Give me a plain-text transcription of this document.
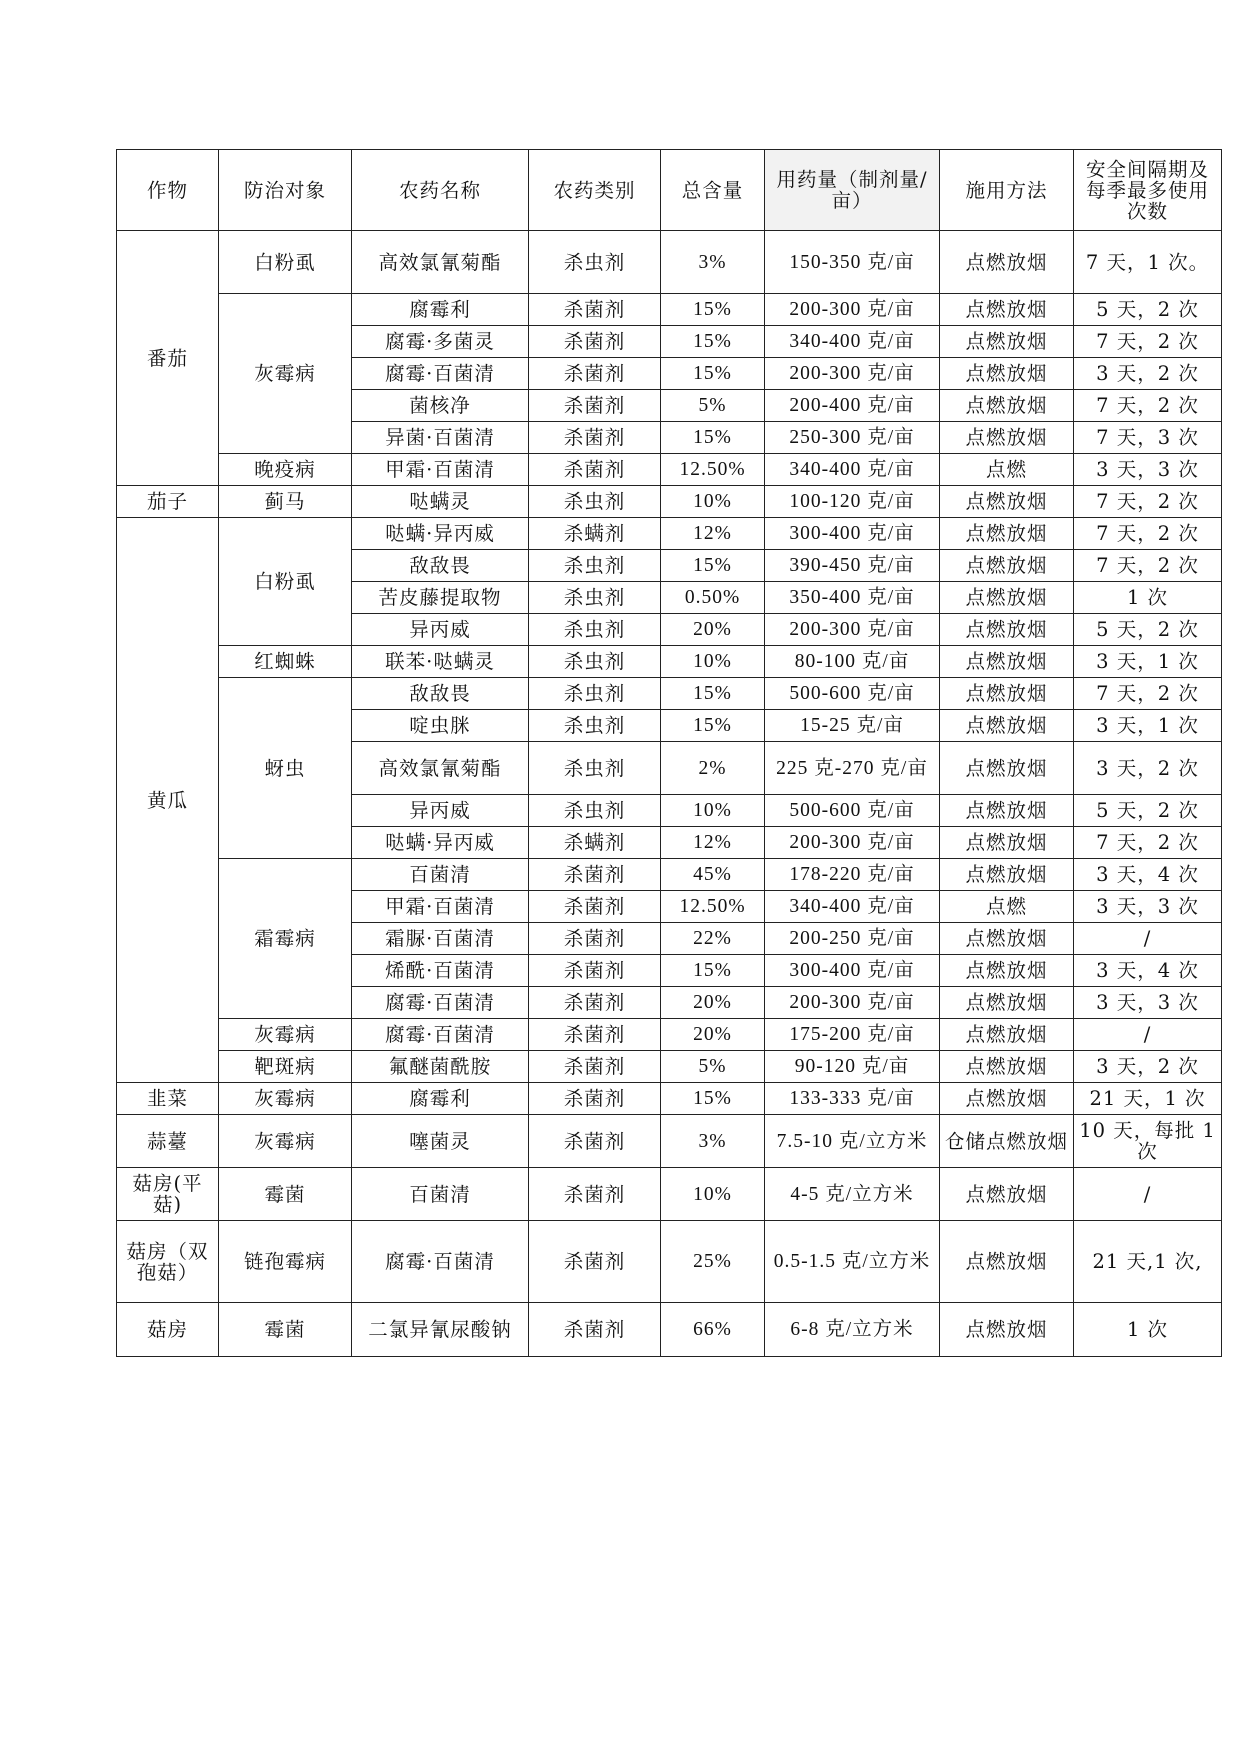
作物	防治对象	农药名称	农药类别	总含量	用药量（制剂量/亩）	施用方法	安全间隔期及每季最多使用次数
番茄	白粉虱	高效氯氰菊酯	杀虫剂	3%	150-350 克/亩	点燃放烟	7 天，1 次。
	灰霉病	腐霉利	杀菌剂	15%	200-300 克/亩	点燃放烟	5 天，2 次
		腐霉·多菌灵	杀菌剂	15%	340-400 克/亩	点燃放烟	7 天，2 次
		腐霉·百菌清	杀菌剂	15%	200-300 克/亩	点燃放烟	3 天，2 次
		菌核净	杀菌剂	5%	200-400 克/亩	点燃放烟	7 天，2 次
		异菌·百菌清	杀菌剂	15%	250-300 克/亩	点燃放烟	7 天，3 次
	晚疫病	甲霜·百菌清	杀菌剂	12.50%	340-400 克/亩	点燃	3 天，3 次
茄子	蓟马	哒螨灵	杀虫剂	10%	100-120 克/亩	点燃放烟	7 天，2 次
黄瓜	白粉虱	哒螨·异丙威	杀螨剂	12%	300-400 克/亩	点燃放烟	7 天，2 次
		敌敌畏	杀虫剂	15%	390-450 克/亩	点燃放烟	7 天，2 次
		苦皮藤提取物	杀虫剂	0.50%	350-400 克/亩	点燃放烟	1 次
		异丙威	杀虫剂	20%	200-300 克/亩	点燃放烟	5 天，2 次
	红蜘蛛	联苯·哒螨灵	杀虫剂	10%	80-100 克/亩	点燃放烟	3 天，1 次
	蚜虫	敌敌畏	杀虫剂	15%	500-600 克/亩	点燃放烟	7 天，2 次
		啶虫脒	杀虫剂	15%	15-25 克/亩	点燃放烟	3 天，1 次
		高效氯氰菊酯	杀虫剂	2%	225 克-270 克/亩	点燃放烟	3 天，2 次
		异丙威	杀虫剂	10%	500-600 克/亩	点燃放烟	5 天，2 次
		哒螨·异丙威	杀螨剂	12%	200-300 克/亩	点燃放烟	7 天，2 次
	霜霉病	百菌清	杀菌剂	45%	178-220 克/亩	点燃放烟	3 天，4 次
		甲霜·百菌清	杀菌剂	12.50%	340-400 克/亩	点燃	3 天，3 次
		霜脲·百菌清	杀菌剂	22%	200-250 克/亩	点燃放烟	/
		烯酰·百菌清	杀菌剂	15%	300-400 克/亩	点燃放烟	3 天，4 次
		腐霉·百菌清	杀菌剂	20%	200-300 克/亩	点燃放烟	3 天，3 次
	灰霉病	腐霉·百菌清	杀菌剂	20%	175-200 克/亩	点燃放烟	/
	靶斑病	氟醚菌酰胺	杀菌剂	5%	90-120 克/亩	点燃放烟	3 天，2 次
韭菜	灰霉病	腐霉利	杀菌剂	15%	133-333 克/亩	点燃放烟	21 天，1 次
蒜薹	灰霉病	噻菌灵	杀菌剂	3%	7.5-10 克/立方米	仓储点燃放烟	10 天，每批 1 次
菇房(平菇)	霉菌	百菌清	杀菌剂	10%	4-5 克/立方米	点燃放烟	/
菇房（双孢菇）	链孢霉病	腐霉·百菌清	杀菌剂	25%	0.5-1.5 克/立方米	点燃放烟	21 天,1 次,
菇房	霉菌	二氯异氰尿酸钠	杀菌剂	66%	6-8 克/立方米	点燃放烟	1 次
